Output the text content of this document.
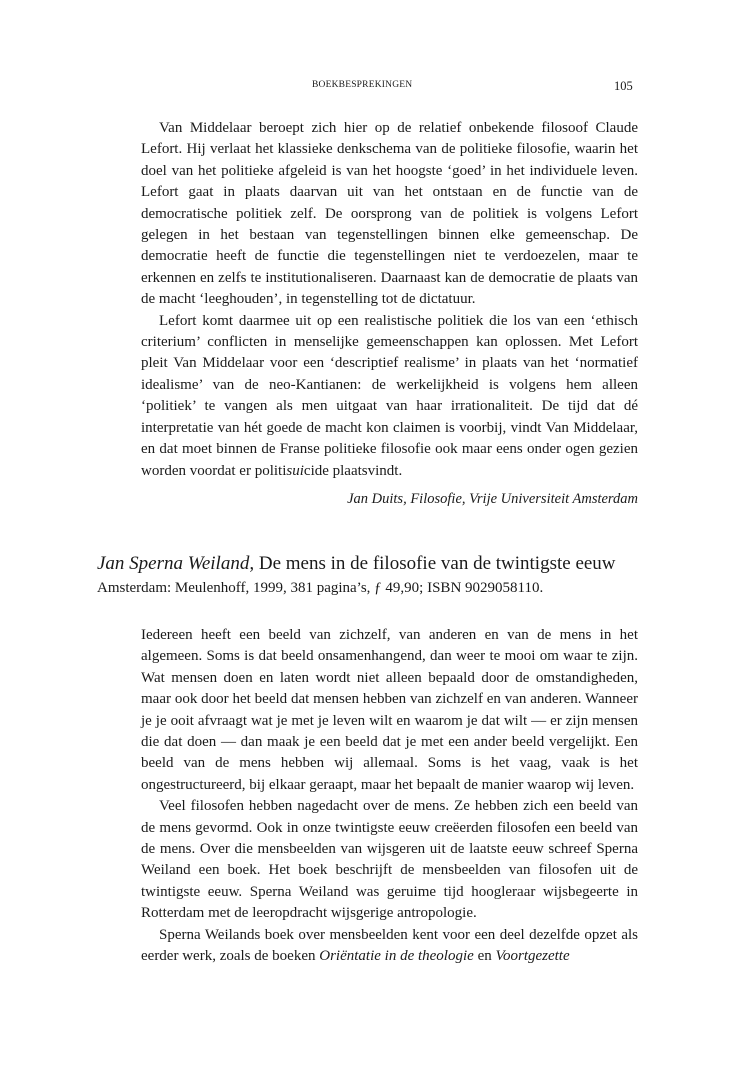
BOEKBESPREKINGEN	105

Van Middelaar beroept zich hier op de relatief onbekende filosoof Claude Lefort. Hij verlaat het klassieke denkschema van de politieke filosofie, waarin het doel van het politieke afgeleid is van het hoogste ‘goed’ in het individuele leven. Lefort gaat in plaats daarvan uit van het ontstaan en de functie van de democratische politiek zelf. De oorsprong van de politiek is volgens Lefort gelegen in het bestaan van tegenstellingen binnen elke gemeenschap. De democratie heeft de functie die tegenstellingen niet te verdoezelen, maar te erkennen en zelfs te institutionaliseren. Daarnaast kan de democratie de plaats van de macht ‘leeghouden’, in tegenstelling tot de dictatuur.

Lefort komt daarmee uit op een realistische politiek die los van een ‘ethisch criterium’ conflicten in menselijke gemeenschappen kan oplossen. Met Lefort pleit Van Middelaar voor een ‘descriptief realisme’ in plaats van het ‘normatief idealisme’ van de neo-Kantianen: de werkelijkheid is volgens hem alleen ‘politiek’ te vangen als men uitgaat van haar irrationaliteit. De tijd dat dé interpretatie van hét goede de macht kon claimen is voorbij, vindt Van Middelaar, en dat moet binnen de Franse politieke filosofie ook maar eens onder ogen gezien worden voordat er politisuicide plaatsvindt.

Jan Duits, Filosofie, Vrije Universiteit Amsterdam

Jan Sperna Weiland, De mens in de filosofie van de twintigste eeuw

Amsterdam: Meulenhoff, 1999, 381 pagina’s, ƒ 49,90; ISBN 9029058110.

Iedereen heeft een beeld van zichzelf, van anderen en van de mens in het algemeen. Soms is dat beeld onsamenhangend, dan weer te mooi om waar te zijn. Wat mensen doen en laten wordt niet alleen bepaald door de omstandigheden, maar ook door het beeld dat mensen hebben van zichzelf en van anderen. Wanneer je je ooit afvraagt wat je met je leven wilt en waarom je dat wilt — er zijn mensen die dat doen — dan maak je een beeld dat je met een ander beeld vergelijkt. Een beeld van de mens hebben wij allemaal. Soms is het vaag, vaak is het ongestructureerd, bij elkaar geraapt, maar het bepaalt de manier waarop wij leven.

Veel filosofen hebben nagedacht over de mens. Ze hebben zich een beeld van de mens gevormd. Ook in onze twintigste eeuw creëerden filosofen een beeld van de mens. Over die mensbeelden van wijsgeren uit de laatste eeuw schreef Sperna Weiland een boek. Het boek beschrijft de mensbeelden van filosofen uit de twintigste eeuw. Sperna Weiland was geruime tijd hoogleraar wijsbegeerte in Rotterdam met de leeropdracht wijsgerige antropologie.

Sperna Weilands boek over mensbeelden kent voor een deel dezelfde opzet als eerder werk, zoals de boeken Oriëntatie in de theologie en Voortgezette
